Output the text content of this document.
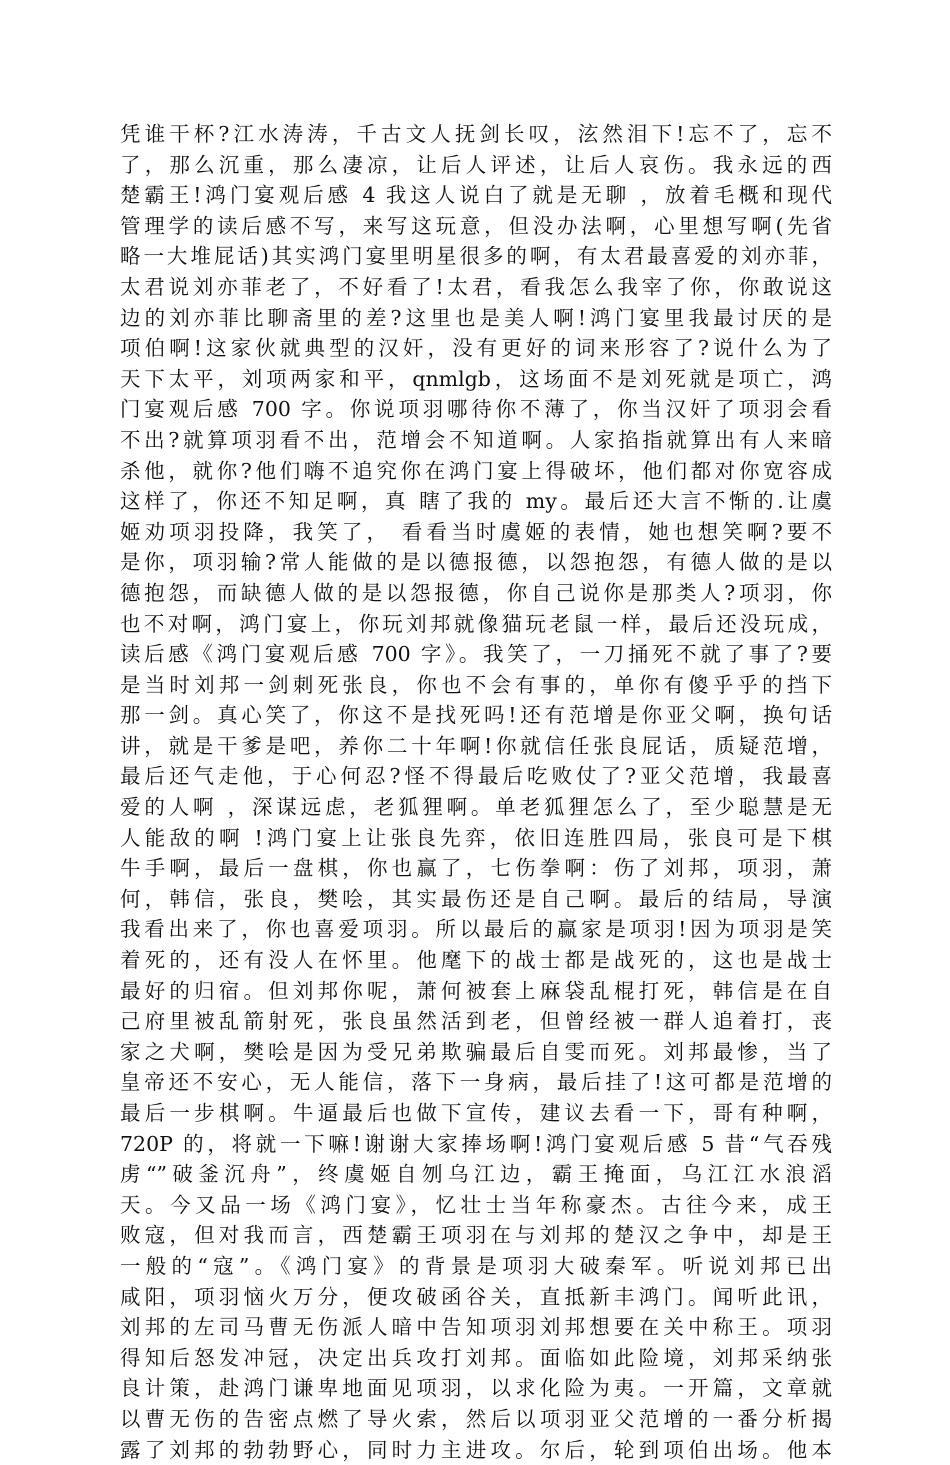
凭谁干杯?江水涛涛，千古文人抚剑长叹，泫然泪下!忘不了，忘不
了，那么沉重，那么凄凉，让后人评述，让后人哀伤。我永远的西
楚霸王!鸿门宴观后感 4 我这人说白了就是无聊 ，放着毛概和现代
管理学的读后感不写，来写这玩意，但没办法啊，心里想写啊(先省
略一大堆屁话)其实鸿门宴里明星很多的啊，有太君最喜爱的刘亦菲，
太君说刘亦菲老了，不好看了!太君，看我怎么我宰了你，你敢说这
边的刘亦菲比聊斋里的差?这里也是美人啊!鸿门宴里我最讨厌的是
项伯啊!这家伙就典型的汉奸，没有更好的词来形容了?说什么为了
天下太平，刘项两家和平，qnmlgb，这场面不是刘死就是项亡，鸿
门宴观后感 700 字。你说项羽哪待你不薄了，你当汉奸了项羽会看
不出?就算项羽看不出，范增会不知道啊。人家掐指就算出有人来暗
杀他，就你?他们嗨不追究你在鸿门宴上得破坏，他们都对你宽容成
这样了，你还不知足啊，真 瞎了我的 my。最后还大言不惭的.让虞
姬劝项羽投降，我笑了， 看看当时虞姬的表情，她也想笑啊?要不
是你，项羽输?常人能做的是以德报德，以怨抱怨，有德人做的是以
德抱怨，而缺德人做的是以怨报德，你自己说你是那类人?项羽，你
也不对啊，鸿门宴上，你玩刘邦就像猫玩老鼠一样，最后还没玩成，
读后感《鸿门宴观后感 700 字》。我笑了，一刀捅死不就了事了?要
是当时刘邦一剑刺死张良，你也不会有事的，单你有傻乎乎的挡下
那一剑。真心笑了，你这不是找死吗!还有范增是你亚父啊，换句话
讲，就是干爹是吧，养你二十年啊!你就信任张良屁话，质疑范增，
最后还气走他，于心何忍?怪不得最后吃败仗了?亚父范增，我最喜
爱的人啊 ，深谋远虑，老狐狸啊。单老狐狸怎么了，至少聪慧是无
人能敌的啊 !鸿门宴上让张良先弈，依旧连胜四局，张良可是下棋
牛手啊，最后一盘棋，你也赢了，七伤拳啊：伤了刘邦，项羽，萧
何，韩信，张良，樊哙，其实最伤还是自己啊。最后的结局，导演
我看出来了，你也喜爱项羽。所以最后的赢家是项羽!因为项羽是笑
着死的，还有没人在怀里。他麾下的战士都是战死的，这也是战士
最好的归宿。但刘邦你呢，萧何被套上麻袋乱棍打死，韩信是在自
己府里被乱箭射死，张良虽然活到老，但曾经被一群人追着打，丧
家之犬啊，樊哙是因为受兄弟欺骗最后自雯而死。刘邦最惨，当了
皇帝还不安心，无人能信，落下一身病，最后挂了!这可都是范增的
最后一步棋啊。牛逼最后也做下宣传，建议去看一下，哥有种啊，
720P 的，将就一下嘛!谢谢大家捧场啊!鸿门宴观后感 5 昔“气吞残
虏“”破釜沉舟”，终虞姬自刎乌江边，霸王掩面，乌江江水浪滔
天。今又品一场《鸿门宴》，忆壮士当年称豪杰。古往今来，成王
败寇，但对我而言，西楚霸王项羽在与刘邦的楚汉之争中，却是王
一般的“寇”。《鸿门宴》的背景是项羽大破秦军。听说刘邦已出
咸阳，项羽恼火万分，便攻破函谷关，直抵新丰鸿门。闻听此讯，
刘邦的左司马曹无伤派人暗中告知项羽刘邦想要在关中称王。项羽
得知后怒发冲冠，决定出兵攻打刘邦。面临如此险境，刘邦采纳张
良计策，赴鸿门谦卑地面见项羽，以求化险为夷。一开篇，文章就
以曹无伤的告密点燃了导火索，然后以项羽亚父范增的一番分析揭
露了刘邦的勃勃野心，同时力主进攻。尔后，轮到项伯出场。他本
